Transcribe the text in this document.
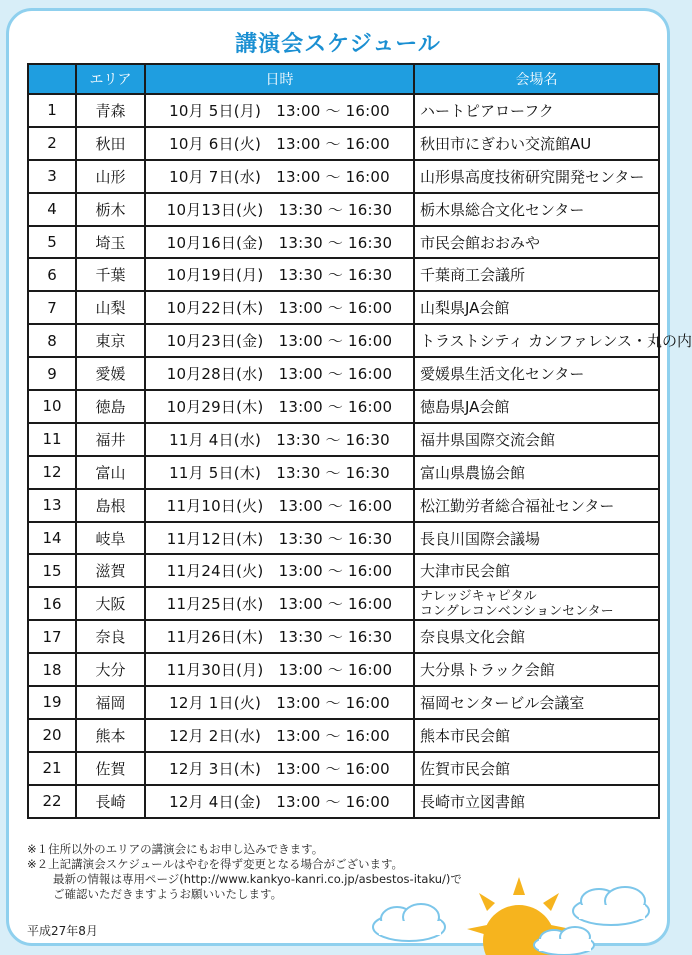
講演会スケジュール
	エリア	日時	会場名
1	青森	10月 5日(月)　13:00 ～ 16:00	ハートピアローフク
2	秋田	10月 6日(火)　13:00 ～ 16:00	秋田市にぎわい交流館AU
3	山形	10月 7日(水)　13:00 ～ 16:00	山形県高度技術研究開発センター
4	栃木	10月13日(火)　13:30 ～ 16:30	栃木県総合文化センター
5	埼玉	10月16日(金)　13:30 ～ 16:30	市民会館おおみや
6	千葉	10月19日(月)　13:30 ～ 16:30	千葉商工会議所
7	山梨	10月22日(木)　13:00 ～ 16:00	山梨県JA会館
8	東京	10月23日(金)　13:00 ～ 16:00	トラストシティ カンファレンス・丸の内
9	愛媛	10月28日(水)　13:00 ～ 16:00	愛媛県生活文化センター
10	徳島	10月29日(木)　13:00 ～ 16:00	徳島県JA会館
11	福井	11月 4日(水)　13:30 ～ 16:30	福井県国際交流会館
12	富山	11月 5日(木)　13:30 ～ 16:30	富山県農協会館
13	島根	11月10日(火)　13:00 ～ 16:00	松江勤労者総合福祉センター
14	岐阜	11月12日(木)　13:30 ～ 16:30	長良川国際会議場
15	滋賀	11月24日(火)　13:00 ～ 16:00	大津市民会館
16	大阪	11月25日(水)　13:00 ～ 16:00	ナレッジキャピタル
コングレコンベンションセンター

17	奈良	11月26日(木)　13:30 ～ 16:30	奈良県文化会館
18	大分	11月30日(月)　13:00 ～ 16:00	大分県トラック会館
19	福岡	12月 1日(火)　13:00 ～ 16:00	福岡センタービル会議室
20	熊本	12月 2日(水)　13:00 ～ 16:00	熊本市民会館
21	佐賀	12月 3日(木)　13:00 ～ 16:00	佐賀市民会館
22	長崎	12月 4日(金)　13:00 ～ 16:00	長崎市立図書館
※１住所以外のエリアの講演会にもお申し込みできます。
※２上記講演会スケジュールはやむを得ず変更となる場合がございます。
最新の情報は専用ページ(http://www.kankyo-kanri.co.jp/asbestos-itaku/)で
ご確認いただきますようお願いいたします。
平成27年8月
